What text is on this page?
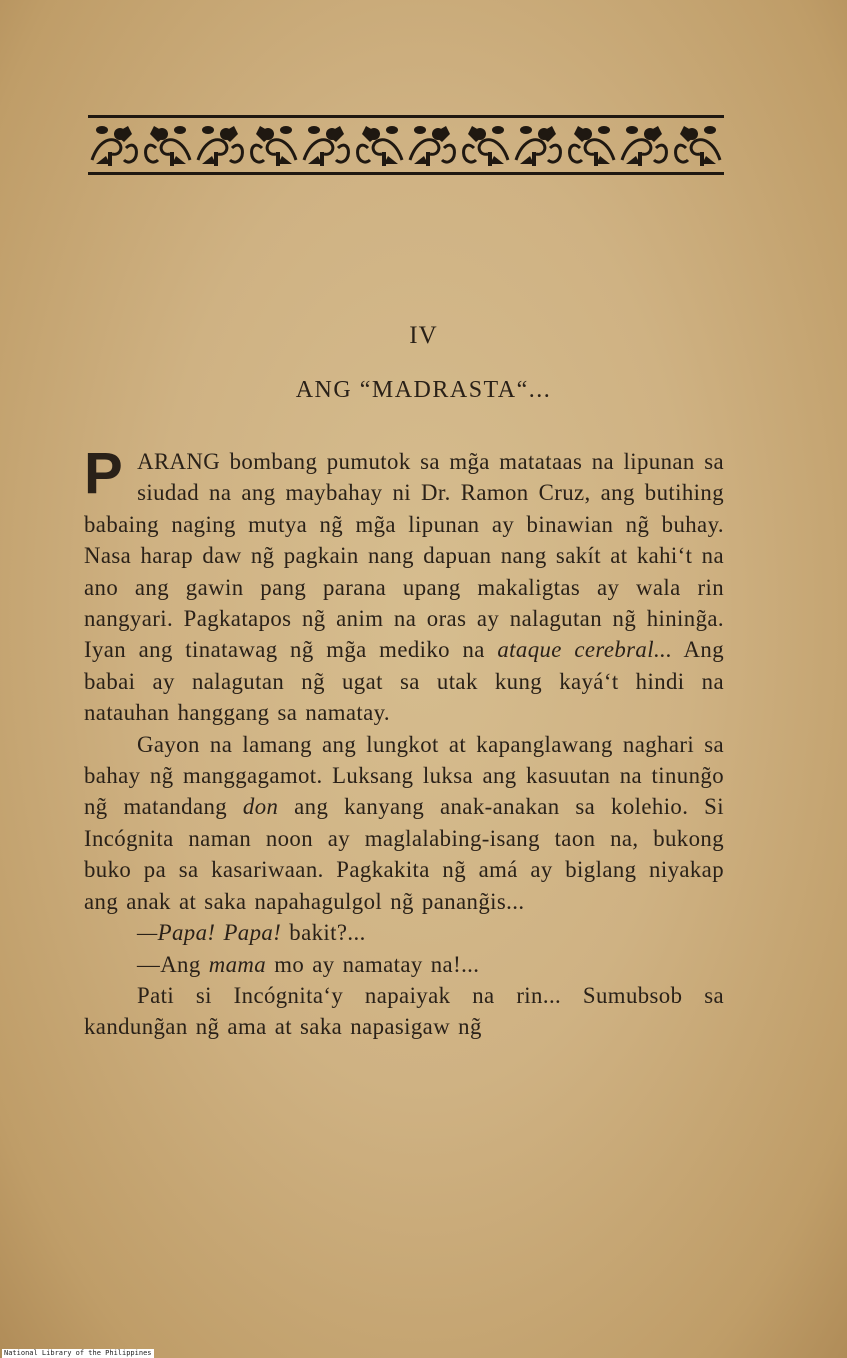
IV
ANG “MADRASTA“...

PARANG bombang pumutok sa mg̃a matataas na lipunan sa siudad na ang maybahay ni Dr. Ramon Cruz, ang butihing babaing naging mutya ng̃ mg̃a lipunan ay binawian ng̃ buhay. Nasa harap daw ng̃ pagkain nang dapuan nang sakít at kahi‘t na ano ang gawin pang parana upang makaligtas ay wala rin nangyari. Pagkatapos ng̃ anim na oras ay nalagutan ng̃ hining̃a. Iyan ang tinatawag ng̃ mg̃a mediko na ataque cerebral... Ang babai ay nalagutan ng̃ ugat sa utak kung kayá‘t hindi na natauhan hanggang sa namatay.

Gayon na lamang ang lungkot at kapanglawang naghari sa bahay ng̃ manggagamot. Luksang luksa ang kasuutan na tinung̃o ng̃ matandang don ang kanyang anak-anakan sa kolehio. Si Incógnita naman noon ay maglalabing-isang taon na, bukong buko pa sa kasariwaan. Pagkakita ng̃ amá ay biglang niyakap ang anak at saka napahagulgol ng̃ panang̃is...

—Papa! Papa! bakit?...

—Ang mama mo ay namatay na!...

Pati si Incógnita‘y napaiyak na rin... Sumubsob sa kandung̃an ng̃ ama at saka napasigaw ng̃

National Library of the Philippines
